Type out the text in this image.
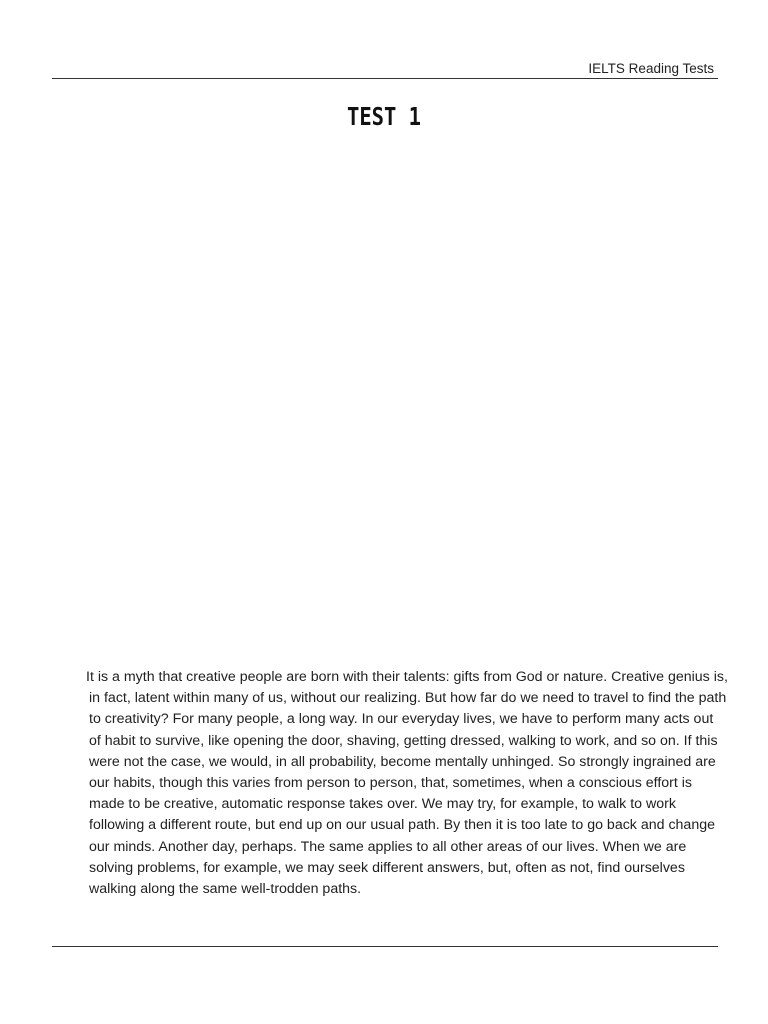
IELTS Reading Tests
TEST 1
It is a myth that creative people are born with their talents: gifts from God or nature. Creative genius is,
in fact, latent within many of us, without our realizing. But how far do we need to travel to find the path
to creativity? For many people, a long way. In our everyday lives, we have to perform many acts out
of habit to survive, like opening the door, shaving, getting dressed, walking to work, and so on. If this
were not the case, we would, in all probability, become mentally unhinged. So strongly ingrained are
our habits, though this varies from person to person, that, sometimes, when a conscious effort is
made to be creative, automatic response takes over. We may try, for example, to walk to work
following a different route, but end up on our usual path. By then it is too late to go back and change
our minds. Another day, perhaps. The same applies to all other areas of our lives. When we are
solving problems, for example, we may seek different answers, but, often as not, find ourselves
walking along the same well-trodden paths.
